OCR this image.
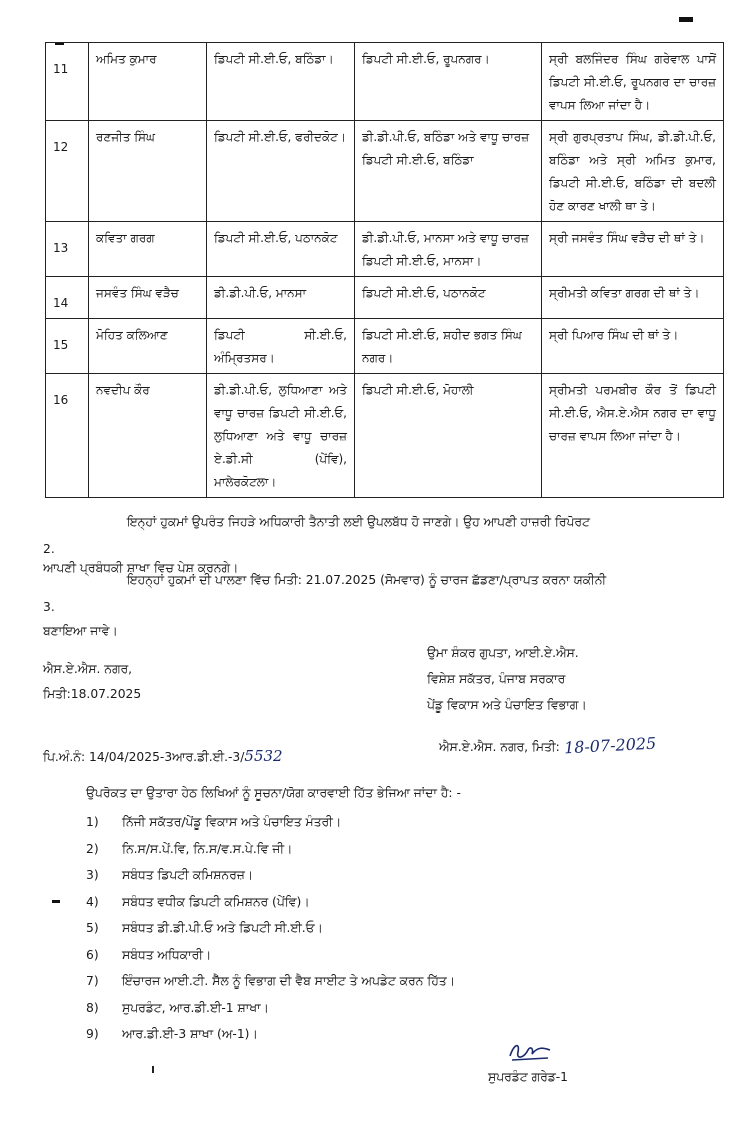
11	ਅਮਿਤ ਕੁਮਾਰ	ਡਿਪਟੀ ਸੀ.ਈ.ਓ, ਬਠਿੰਡਾ।	ਡਿਪਟੀ ਸੀ.ਈ.ਓ, ਰੂਪਨਗਰ।	ਸ੍ਰੀ ਬਲਜਿੰਦਰ ਸਿੰਘ ਗਰੇਵਾਲ ਪਾਸੋਂ ਡਿਪਟੀ ਸੀ.ਈ.ਓ, ਰੂਪਨਗਰ ਦਾ ਚਾਰਜ਼ ਵਾਪਸ ਲਿਆ ਜਾਂਦਾ ਹੈ।

12	ਰਣਜੀਤ ਸਿੰਘ	ਡਿਪਟੀ ਸੀ.ਈ.ਓ, ਫਰੀਦਕੋਟ।	ਡੀ.ਡੀ.ਪੀ.ਓ, ਬਠਿੰਡਾ ਅਤੇ ਵਾਧੂ ਚਾਰਜ਼ ਡਿਪਟੀ ਸੀ.ਈ.ਓ, ਬਠਿੰਡਾ	ਸ੍ਰੀ ਗੁਰਪ੍ਰਤਾਪ ਸਿੰਘ, ਡੀ.ਡੀ.ਪੀ.ਓ, ਬਠਿੰਡਾ ਅਤੇ ਸ੍ਰੀ ਅਮਿਤ ਕੁਮਾਰ, ਡਿਪਟੀ ਸੀ.ਈ.ਓ, ਬਠਿੰਡਾ ਦੀ ਬਦਲੀ ਹੋਣ ਕਾਰਣ ਖਾਲੀ ਥਾ ਤੇ।

13	ਕਵਿਤਾ ਗਰਗ	ਡਿਪਟੀ ਸੀ.ਈ.ਓ, ਪਠਾਨਕੋਟ	ਡੀ.ਡੀ.ਪੀ.ਓ, ਮਾਨਸਾ ਅਤੇ ਵਾਧੂ ਚਾਰਜ਼ ਡਿਪਟੀ ਸੀ.ਈ.ਓ, ਮਾਨਸਾ।	ਸ੍ਰੀ ਜਸਵੰਤ ਸਿੰਘ ਵੜੈਚ ਦੀ ਥਾਂ ਤੇ।

14	ਜਸਵੰਤ ਸਿੰਘ ਵੜੈਚ	ਡੀ.ਡੀ.ਪੀ.ਓ, ਮਾਨਸਾ	ਡਿਪਟੀ ਸੀ.ਈ.ਓ, ਪਠਾਨਕੋਟ	ਸ੍ਰੀਮਤੀ ਕਵਿਤਾ ਗਰਗ ਦੀ ਥਾਂ ਤੇ।

15	ਮੋਹਿਤ ਕਲਿਆਣ	ਡਿਪਟੀ ਸੀ.ਈ.ਓ, ਅੰਮ੍ਰਿਤਸਰ।	ਡਿਪਟੀ ਸੀ.ਈ.ਓ, ਸ਼ਹੀਦ ਭਗਤ ਸਿੰਘ ਨਗਰ।	ਸ੍ਰੀ ਪਿਆਰ ਸਿੰਘ ਦੀ ਥਾਂ ਤੇ।

16	ਨਵਦੀਪ ਕੌਰ	ਡੀ.ਡੀ.ਪੀ.ਓ, ਲੁਧਿਆਣਾ ਅਤੇ ਵਾਧੂ ਚਾਰਜ਼ ਡਿਪਟੀ ਸੀ.ਈ.ਓ, ਲੁਧਿਆਣਾ ਅਤੇ ਵਾਧੂ ਚਾਰਜ਼ ਏ.ਡੀ.ਸੀ (ਪੇਂਵਿ), ਮਾਲੇਰਕੋਟਲਾ।	ਡਿਪਟੀ ਸੀ.ਈ.ਓ, ਮੋਹਾਲੀ	ਸ੍ਰੀਮਤੀ ਪਰਮਬੀਰ ਕੌਰ ਤੋਂ ਡਿਪਟੀ ਸੀ.ਈ.ਓ, ਐਸ.ਏ.ਐਸ ਨਗਰ ਦਾ ਵਾਧੂ ਚਾਰਜ਼ ਵਾਪਸ ਲਿਆ ਜਾਂਦਾ ਹੈ।
2.
ਇਨ੍ਹਾਂ ਹੁਕਮਾਂ ਉਪਰੰਤ ਜਿਹੜੇ ਅਧਿਕਾਰੀ ਤੈਨਾਤੀ ਲਈ ਉਪਲਬੱਧ ਹੋ ਜਾਣਗੇ। ਉਹ ਆਪਣੀ ਹਾਜ਼ਰੀ ਰਿਪੋਰਟ
ਆਪਣੀ ਪ੍ਰਬੰਧਕੀ ਸ਼ਾਖਾ ਵਿਚ ਪੇਸ਼ ਕਰਨਗੇ।
3.
ਇਹਨ੍ਹਾਂ ਹੁਕਮਾਂ ਦੀ ਪਾਲਣਾ ਵਿੱਚ ਮਿਤੀ: 21.07.2025 (ਸੋਮਵਾਰ) ਨੂੰ ਚਾਰਜ ਛੱਡਣਾ/ਪ੍ਰਾਪਤ ਕਰਨਾ ਯਕੀਨੀ
ਬਣਾਇਆ ਜਾਵੇ।
ਐਸ.ਏ.ਐਸ. ਨਗਰ,
ਮਿਤੀ:18.07.2025
ਉਮਾ ਸ਼ੰਕਰ ਗੁਪਤਾ, ਆਈ.ਏ.ਐਸ.
ਵਿਸ਼ੇਸ਼ ਸਕੱਤਰ, ਪੰਜਾਬ ਸਰਕਾਰ
ਪੇਂਡੂ ਵਿਕਾਸ ਅਤੇ ਪੰਚਾਇਤ ਵਿਭਾਗ।
ਪਿ.ਅੰ.ਨੰ: 14/04/2025-3ਆਰ.ਡੀ.ਈ.-3/5532	ਐਸ.ਏ.ਐਸ. ਨਗਰ, ਮਿਤੀ: 18-07-2025
ਉਪਰੋਕਤ ਦਾ ਉਤਾਰਾ ਹੇਠ ਲਿਖਿਆਂ ਨੂੰ ਸੂਚਨਾ/ਯੋਗ ਕਾਰਵਾਈ ਹਿੱਤ ਭੇਜਿਆ ਜਾਂਦਾ ਹੈ: -
1) ਨਿੱਜੀ ਸਕੱਤਰ/ਪੇਂਡੂ ਵਿਕਾਸ ਅਤੇ ਪੰਚਾਇਤ ਮੰਤਰੀ।
2) ਨਿ.ਸ/ਸ.ਪੇਂ.ਵਿ, ਨਿ.ਸ/ਵ.ਸ.ਪੇ.ਵਿ ਜੀ।
3) ਸਬੰਧਤ ਡਿਪਟੀ ਕਮਿਸ਼ਨਰਜ਼।
4) ਸਬੰਧਤ ਵਧੀਕ ਡਿਪਟੀ ਕਮਿਸ਼ਨਰ (ਪੇਂਵਿ)।
5) ਸਬੰਧਤ ਡੀ.ਡੀ.ਪੀ.ਓ ਅਤੇ ਡਿਪਟੀ ਸੀ.ਈ.ਓ।
6) ਸਬੰਧਤ ਅਧਿਕਾਰੀ।
7) ਇੰਚਾਰਜ ਆਈ.ਟੀ. ਸੈੱਲ ਨੂੰ ਵਿਭਾਗ ਦੀ ਵੈਬ ਸਾਈਟ ਤੇ ਅਪਡੇਟ ਕਰਨ ਹਿੱਤ।
8) ਸੁਪਰਡੰਟ, ਆਰ.ਡੀ.ਈ-1 ਸ਼ਾਖਾ।
9) ਆਰ.ਡੀ.ਈ-3 ਸ਼ਾਖਾ (ਅ-1)।
ਸੁਪਰਡੰਟ ਗਰੇਡ-1
